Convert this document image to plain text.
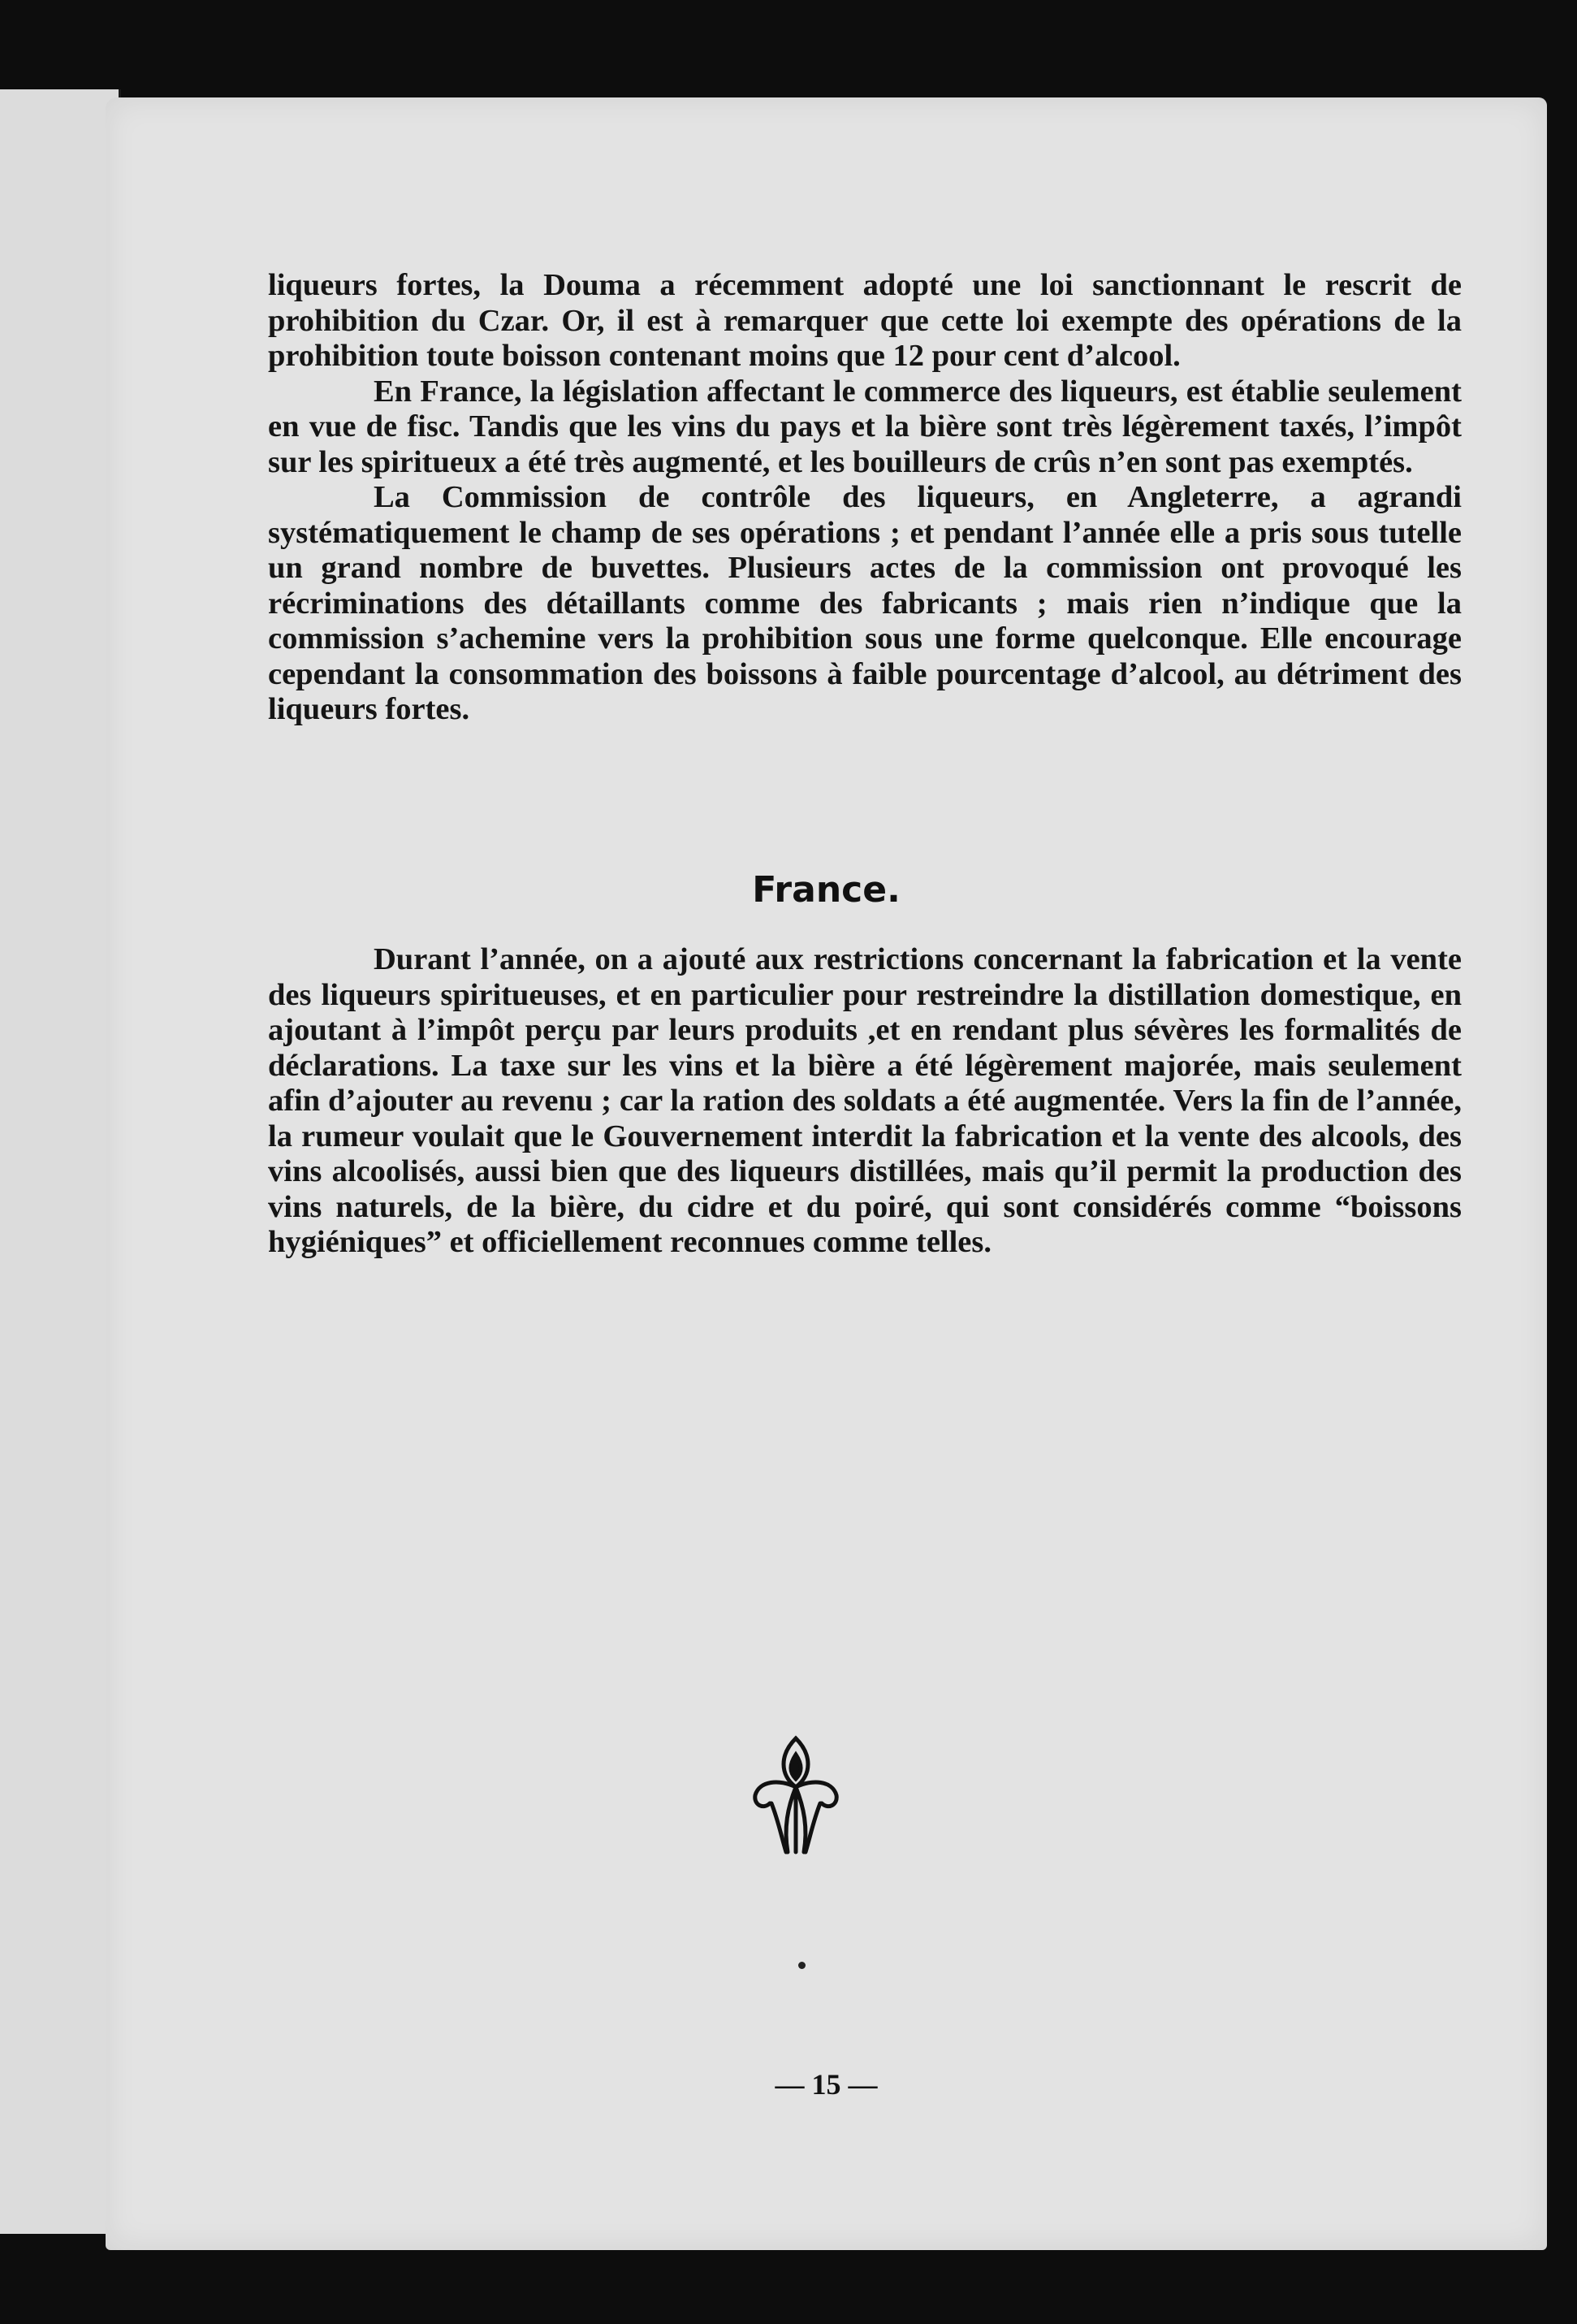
liqueurs fortes, la Douma a récemment adopté une loi sanctionnant le rescrit de prohibition du Czar. Or, il est à remarquer que cette loi exempte des opérations de la prohibition toute boisson contenant moins que 12 pour cent d’alcool.

En France, la législation affectant le commerce des liqueurs, est établie seulement en vue de fisc. Tandis que les vins du pays et la bière sont très légèrement taxés, l’impôt sur les spiritueux a été très augmenté, et les bouilleurs de crûs n’en sont pas exemptés.

La Commission de contrôle des liqueurs, en Angleterre, a agrandi systématiquement le champ de ses opérations ; et pendant l’année elle a pris sous tutelle un grand nombre de buvettes. Plusieurs actes de la commission ont provoqué les récriminations des détaillants comme des fabricants ; mais rien n’indique que la commission s’achemine vers la prohibition sous une forme quelconque. Elle encourage cependant la consommation des boissons à faible pourcentage d’alcool, au détriment des liqueurs fortes.

France.

Durant l’année, on a ajouté aux restrictions concernant la fabrication et la vente des liqueurs spiritueuses, et en particulier pour restreindre la distillation domestique, en ajoutant à l’impôt perçu par leurs produits ,et en rendant plus sévères les formalités de déclarations. La taxe sur les vins et la bière a été légèrement majorée, mais seulement afin d’ajouter au revenu ; car la ration des soldats a été augmentée. Vers la fin de l’année, la rumeur voulait que le Gouvernement interdit la fabrication et la vente des alcools, des vins alcoolisés, aussi bien que des liqueurs distillées, mais qu’il permit la production des vins naturels, de la bière, du cidre et du poiré, qui sont considérés comme “boissons hygiéniques” et officiellement reconnues comme telles.

— 15 —
